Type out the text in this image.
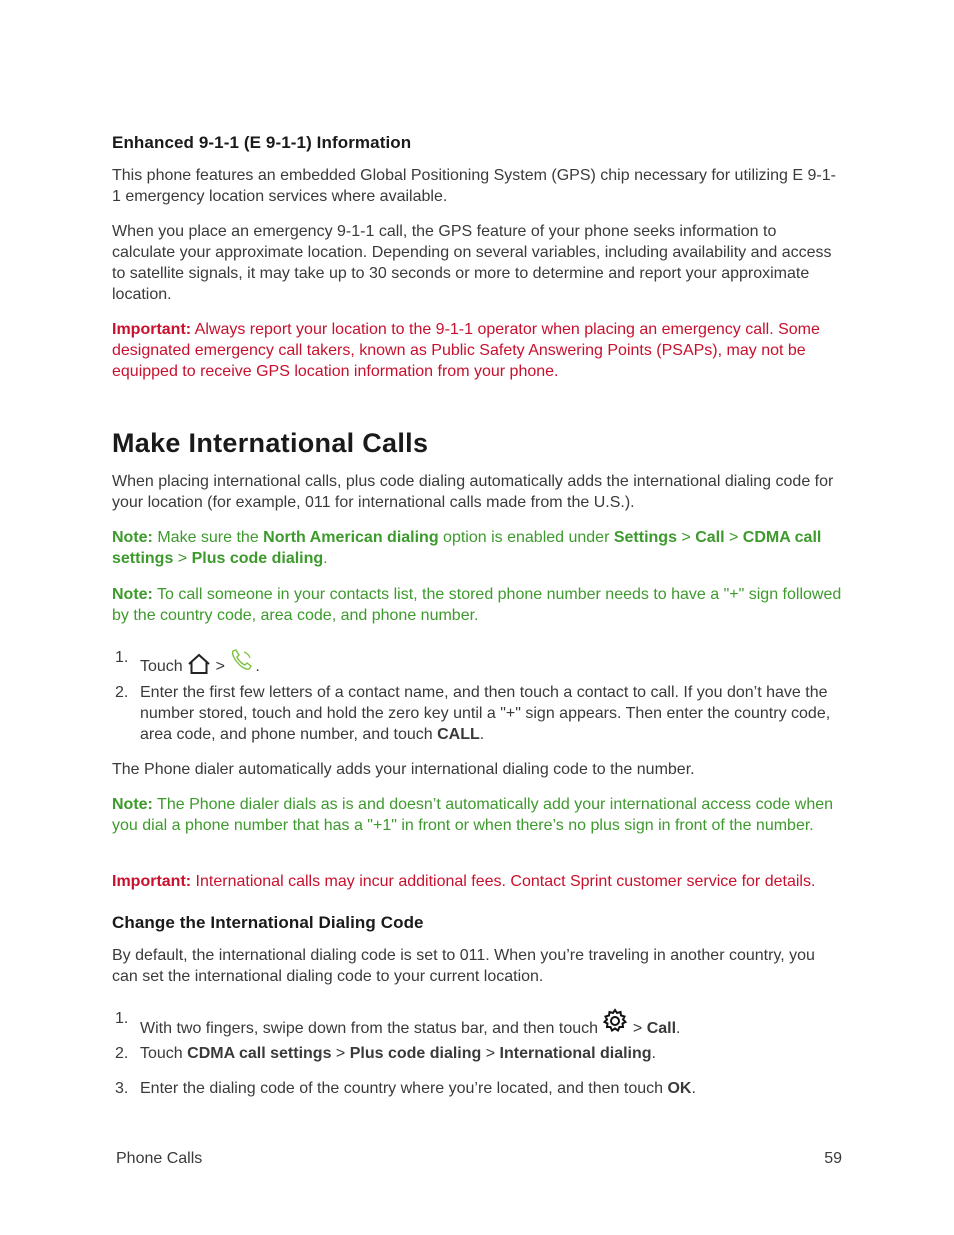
Enhanced 9-1-1 (E 9-1-1) Information

This phone features an embedded Global Positioning System (GPS) chip necessary for utilizing E 9-1-1 emergency location services where available.

When you place an emergency 9-1-1 call, the GPS feature of your phone seeks information to calculate your approximate location. Depending on several variables, including availability and access to satellite signals, it may take up to 30 seconds or more to determine and report your approximate location.

Important: Always report your location to the 9-1-1 operator when placing an emergency call. Some designated emergency call takers, known as Public Safety Answering Points (PSAPs), may not be equipped to receive GPS location information from your phone.

Make International Calls

When placing international calls, plus code dialing automatically adds the international dialing code for your location (for example, 011 for international calls made from the U.S.).

Note: Make sure the North American dialing option is enabled under Settings > Call > CDMA call settings > Plus code dialing.

Note: To call someone in your contacts list, the stored phone number needs to have a "+" sign followed by the country code, area code, and phone number.

1.
Touch  > .
2. Enter the first few letters of a contact name, and then touch a contact to call. If you don’t have the number stored, touch and hold the zero key until a "+" sign appears. Then enter the country code, area code, and phone number, and touch CALL.

The Phone dialer automatically adds your international dialing code to the number.

Note: The Phone dialer dials as is and doesn’t automatically add your international access code when you dial a phone number that has a "+1" in front or when there’s no plus sign in front of the number.

Important: International calls may incur additional fees. Contact Sprint customer service for details.

Change the International Dialing Code

By default, the international dialing code is set to 011. When you’re traveling in another country, you can set the international dialing code to your current location.

1.
With two fingers, swipe down from the status bar, and then touch  > Call.
2. Touch CDMA call settings > Plus code dialing > International dialing.
3. Enter the dialing code of the country where you’re located, and then touch OK.
Phone Calls	59
